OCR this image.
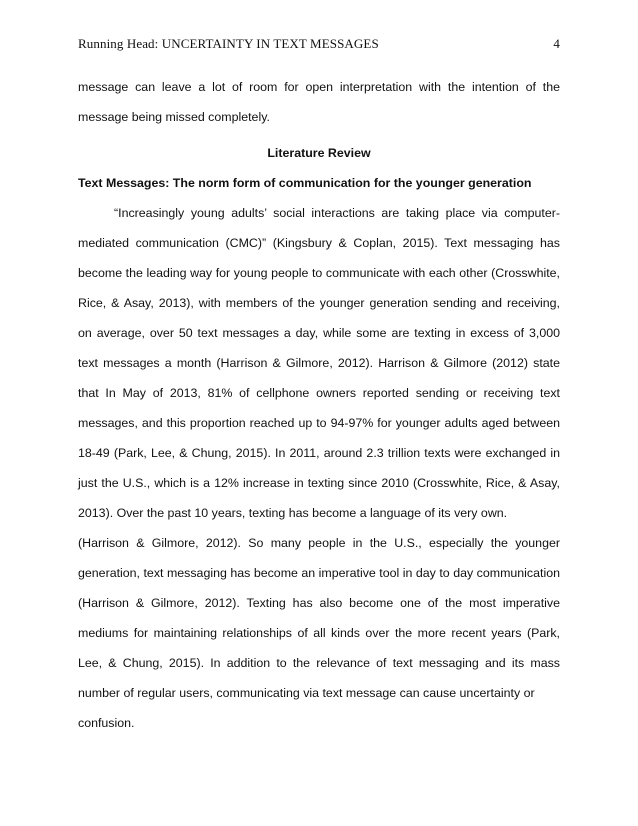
Running Head: UNCERTAINTY IN TEXT MESSAGES	4
message can leave a lot of room for open interpretation with the intention of the
message being missed completely.
Literature Review
Text Messages: The norm form of communication for the younger generation
“Increasingly young adults’ social interactions are taking place via computer-
mediated communication (CMC)” (Kingsbury & Coplan, 2015). Text messaging has
become the leading way for young people to communicate with each other (Crosswhite,
Rice, & Asay, 2013), with members of the younger generation sending and receiving,
on average, over 50 text messages a day, while some are texting in excess of 3,000
text messages a month (Harrison & Gilmore, 2012). Harrison & Gilmore (2012) state
that In May of 2013, 81% of cellphone owners reported sending or receiving text
messages, and this proportion reached up to 94-97% for younger adults aged between
18-49 (Park, Lee, & Chung, 2015). In 2011, around 2.3 trillion texts were exchanged in
just the U.S., which is a 12% increase in texting since 2010 (Crosswhite, Rice, & Asay,
2013). Over the past 10 years, texting has become a language of its very own.
(Harrison & Gilmore, 2012). So many people in the U.S., especially the younger
generation, text messaging has become an imperative tool in day to day communication
(Harrison & Gilmore, 2012). Texting has also become one of the most imperative
mediums for maintaining relationships of all kinds over the more recent years (Park,
Lee, & Chung, 2015). In addition to the relevance of text messaging and its mass
number of regular users, communicating via text message can cause uncertainty or
confusion.
